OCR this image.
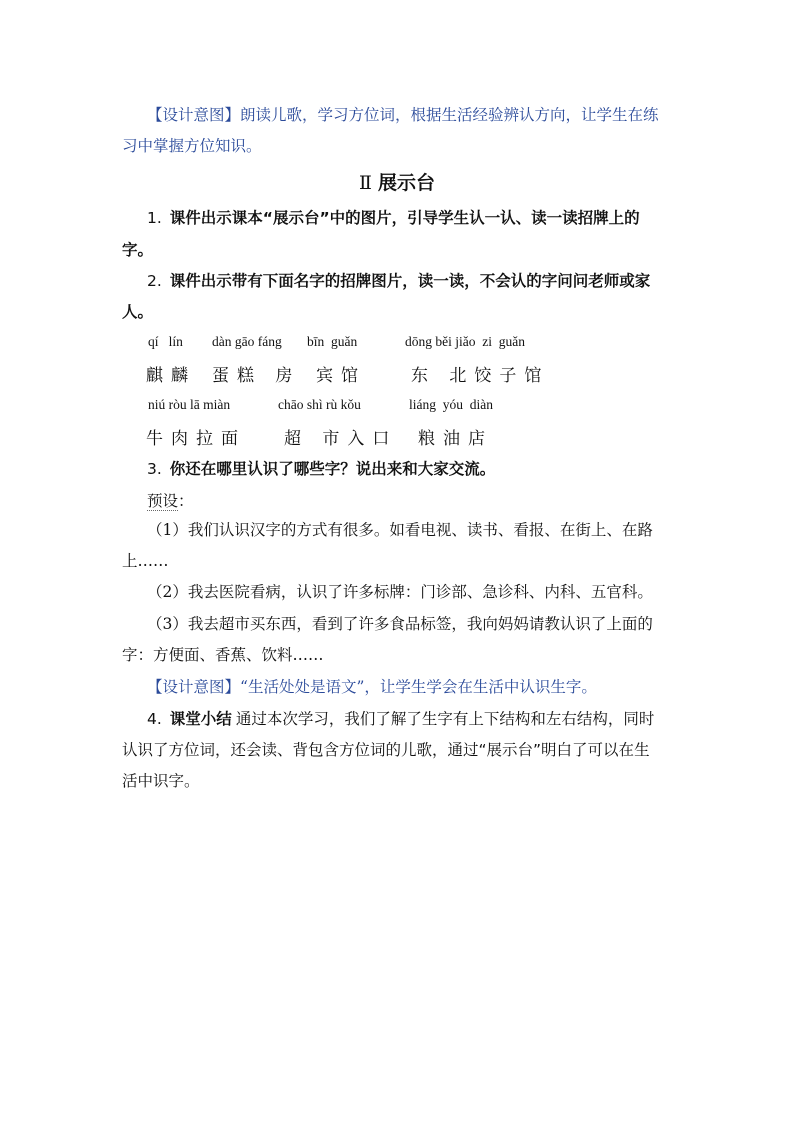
【设计意图】朗读儿歌，学习方位词，根据生活经验辨认方向，让学生在练
习中掌握方位知识。
Ⅱ 展示台
1. 课件出示课本“展示台”中的图片，引导学生认一认、读一读招牌上的
字。
2. 课件出示带有下面名字的招牌图片，读一读，不会认的字问问老师或家
人。
qí   lín dàn gāo fáng bīn  guǎn	dōng běi jiǎo  zi  guǎn
麒麟 蛋糕 房 宾馆	东 北饺子馆
niú ròu lā miàn	chāo shì rù kǒu	liáng  yóu  diàn
牛肉拉面 超 市入口 粮油店
3. 你还在哪里认识了哪些字？说出来和大家交流。
预设：
（1）我们认识汉字的方式有很多。如看电视、读书、看报、在街上、在路
上……
（2）我去医院看病，认识了许多标牌：门诊部、急诊科、内科、五官科。
（3）我去超市买东西，看到了许多食品标签，我向妈妈请教认识了上面的
字：方便面、香蕉、饮料……
【设计意图】“生活处处是语文”，让学生学会在生活中认识生字。
4. 课堂小结 通过本次学习，我们了解了生字有上下结构和左右结构，同时
认识了方位词，还会读、背包含方位词的儿歌，通过“展示台”明白了可以在生
活中识字。
